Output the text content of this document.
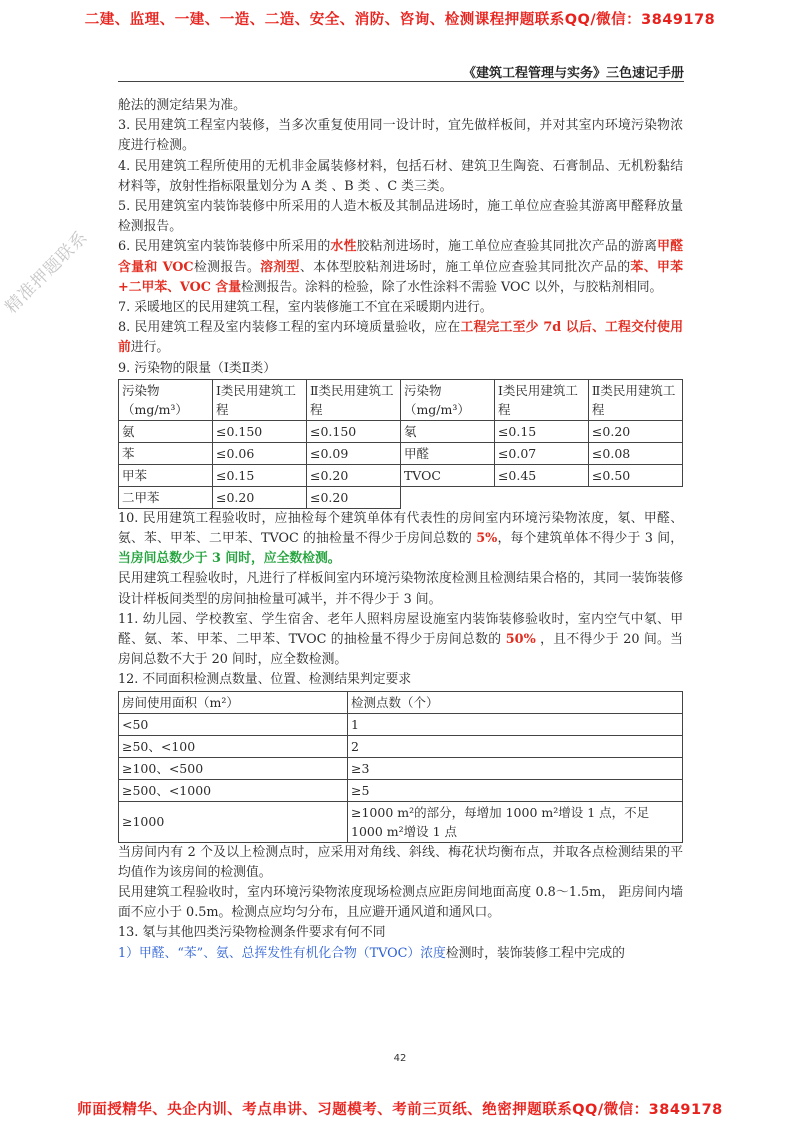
二建、监理、一建、一造、二造、安全、消防、咨询、检测课程押题联系QQ/微信：3849178
《建筑工程管理与实务》三色速记手册
精准押题联系

舱法的测定结果为准。

3. 民用建筑工程室内装修，当多次重复使用同一设计时，宜先做样板间，并对其室内环境污染物浓度进行检测。

4. 民用建筑工程所使用的无机非金属装修材料，包括石材、建筑卫生陶瓷、石膏制品、无机粉黏结材料等，放射性指标限量划分为 A 类 、B 类 、C 类三类。

5. 民用建筑室内装饰装修中所采用的人造木板及其制品进场时，施工单位应查验其游离甲醛释放量检测报告。

6. 民用建筑室内装饰装修中所采用的水性胶粘剂进场时，施工单位应查验其同批次产品的游离甲醛含量和 VOC检测报告。溶剂型、本体型胶粘剂进场时，施工单位应查验其同批次产品的苯、甲苯+二甲苯、VOC 含量检测报告。涂料的检验，除了水性涂料不需验 VOC 以外，与胶粘剂相同。

7. 采暖地区的民用建筑工程，室内装修施工不宜在采暖期内进行。

8. 民用建筑工程及室内装修工程的室内环境质量验收，应在工程完工至少 7d 以后、工程交付使用前进行。

9. 污染物的限量（Ⅰ类Ⅱ类）

污染物（mg/m³）	Ⅰ类民用建筑工程	Ⅱ类民用建筑工程	污染物（mg/m³）	Ⅰ类民用建筑工程	Ⅱ类民用建筑工程
氨	≤0.150	≤0.150	氡	≤0.15	≤0.20
苯	≤0.06	≤0.09	甲醛	≤0.07	≤0.08
甲苯	≤0.15	≤0.20	TVOC	≤0.45	≤0.50
二甲苯	≤0.20	≤0.20			

10. 民用建筑工程验收时，应抽检每个建筑单体有代表性的房间室内环境污染物浓度，氡、甲醛、氨、苯、甲苯、二甲苯、TVOC 的抽检量不得少于房间总数的 5%，每个建筑单体不得少于 3 间，当房间总数少于 3 间时，应全数检测。

民用建筑工程验收时，凡进行了样板间室内环境污染物浓度检测且检测结果合格的，其同一装饰装修设计样板间类型的房间抽检量可减半，并不得少于 3 间。

11. 幼儿园、学校教室、学生宿舍、老年人照料房屋设施室内装饰装修验收时，室内空气中氡、甲醛、氨、苯、甲苯、二甲苯、TVOC 的抽检量不得少于房间总数的 50% ，且不得少于 20 间。当房间总数不大于 20 间时，应全数检测。

12. 不同面积检测点数量、位置、检测结果判定要求

房间使用面积（m²）	检测点数（个）
<50	1
≥50、<100	2
≥100、<500	≥3
≥500、<1000	≥5
≥1000	≥1000 m²的部分，每增加 1000 m²增设 1 点，不足 1000 m²增设 1 点

当房间内有 2 个及以上检测点时，应采用对角线、斜线、梅花状均衡布点，并取各点检测结果的平均值作为该房间的检测值。

民用建筑工程验收时，室内环境污染物浓度现场检测点应距房间地面高度 0.8～1.5m， 距房间内墙面不应小于 0.5m。检测点应均匀分布，且应避开通风道和通风口。

13. 氡与其他四类污染物检测条件要求有何不同

1）甲醛、“苯”、氨、总挥发性有机化合物（TVOC）浓度检测时，装饰装修工程中完成的

42
师面授精华、央企内训、考点串讲、习题模考、考前三页纸、绝密押题联系QQ/微信：3849178
